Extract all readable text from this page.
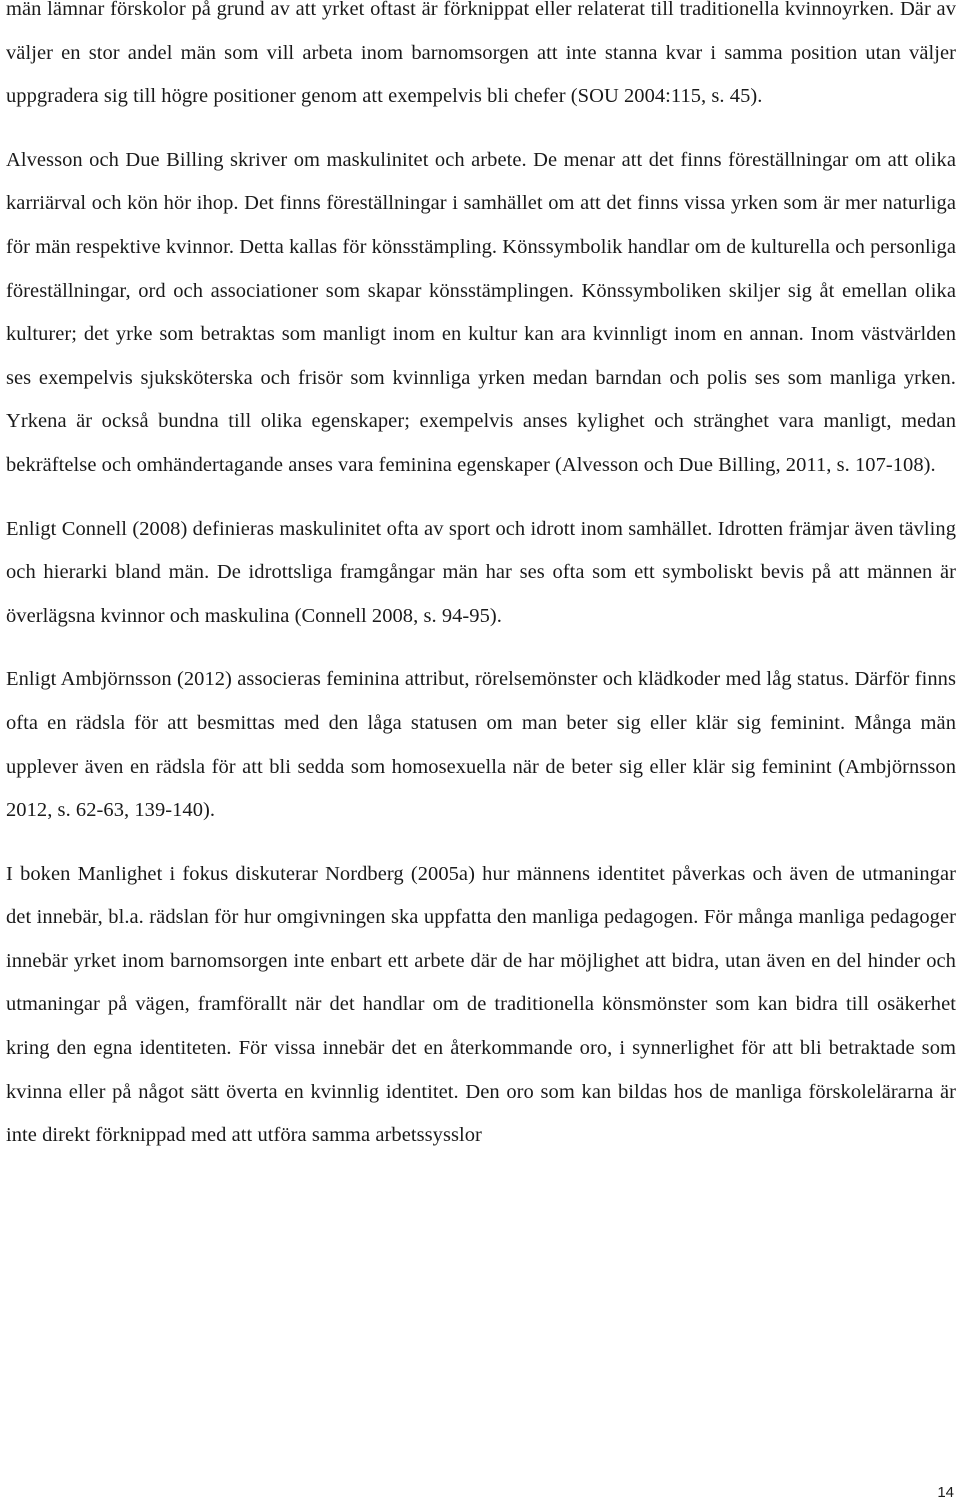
män lämnar förskolor på grund av att yrket oftast är förknippat eller relaterat till traditionella kvinnoyrken. Där av väljer en stor andel män som vill arbeta inom barnomsorgen att inte stanna kvar i samma position utan väljer uppgradera sig till högre positioner genom att exempelvis bli chefer (SOU 2004:115, s. 45).

Alvesson och Due Billing skriver om maskulinitet och arbete. De menar att det finns föreställningar om att olika karriärval och kön hör ihop. Det finns föreställningar i samhället om att det finns vissa yrken som är mer naturliga för män respektive kvinnor. Detta kallas för könsstämpling. Könssymbolik handlar om de kulturella och personliga föreställningar, ord och associationer som skapar könsstämplingen. Könssymboliken skiljer sig åt emellan olika kulturer; det yrke som betraktas som manligt inom en kultur kan ara kvinnligt inom en annan. Inom västvärlden ses exempelvis sjuksköterska och frisör som kvinnliga yrken medan barndan och polis ses som manliga yrken. Yrkena är också bundna till olika egenskaper; exempelvis anses kylighet och stränghet vara manligt, medan bekräftelse och omhändertagande anses vara feminina egenskaper (Alvesson och Due Billing, 2011, s. 107-108).

Enligt Connell (2008) definieras maskulinitet ofta av sport och idrott inom samhället. Idrotten främjar även tävling och hierarki bland män. De idrottsliga framgångar män har ses ofta som ett symboliskt bevis på att männen är överlägsna kvinnor och maskulina (Connell 2008, s. 94-95).

Enligt Ambjörnsson (2012) associeras feminina attribut, rörelsemönster och klädkoder med låg status. Därför finns ofta en rädsla för att besmittas med den låga statusen om man beter sig eller klär sig feminint. Många män upplever även en rädsla för att bli sedda som homosexuella när de beter sig eller klär sig feminint (Ambjörnsson 2012, s. 62-63, 139-140).

I boken Manlighet i fokus diskuterar Nordberg (2005a) hur männens identitet påverkas och även de utmaningar det innebär, bl.a. rädslan för hur omgivningen ska uppfatta den manliga pedagogen. För många manliga pedagoger innebär yrket inom barnomsorgen inte enbart ett arbete där de har möjlighet att bidra, utan även en del hinder och utmaningar på vägen, framförallt när det handlar om de traditionella könsmönster som kan bidra till osäkerhet kring den egna identiteten. För vissa innebär det en återkommande oro, i synnerlighet för att bli betraktade som kvinna eller på något sätt överta en kvinnlig identitet. Den oro som kan bildas hos de manliga förskolelärarna är inte direkt förknippad med att utföra samma arbetssysslor

14
